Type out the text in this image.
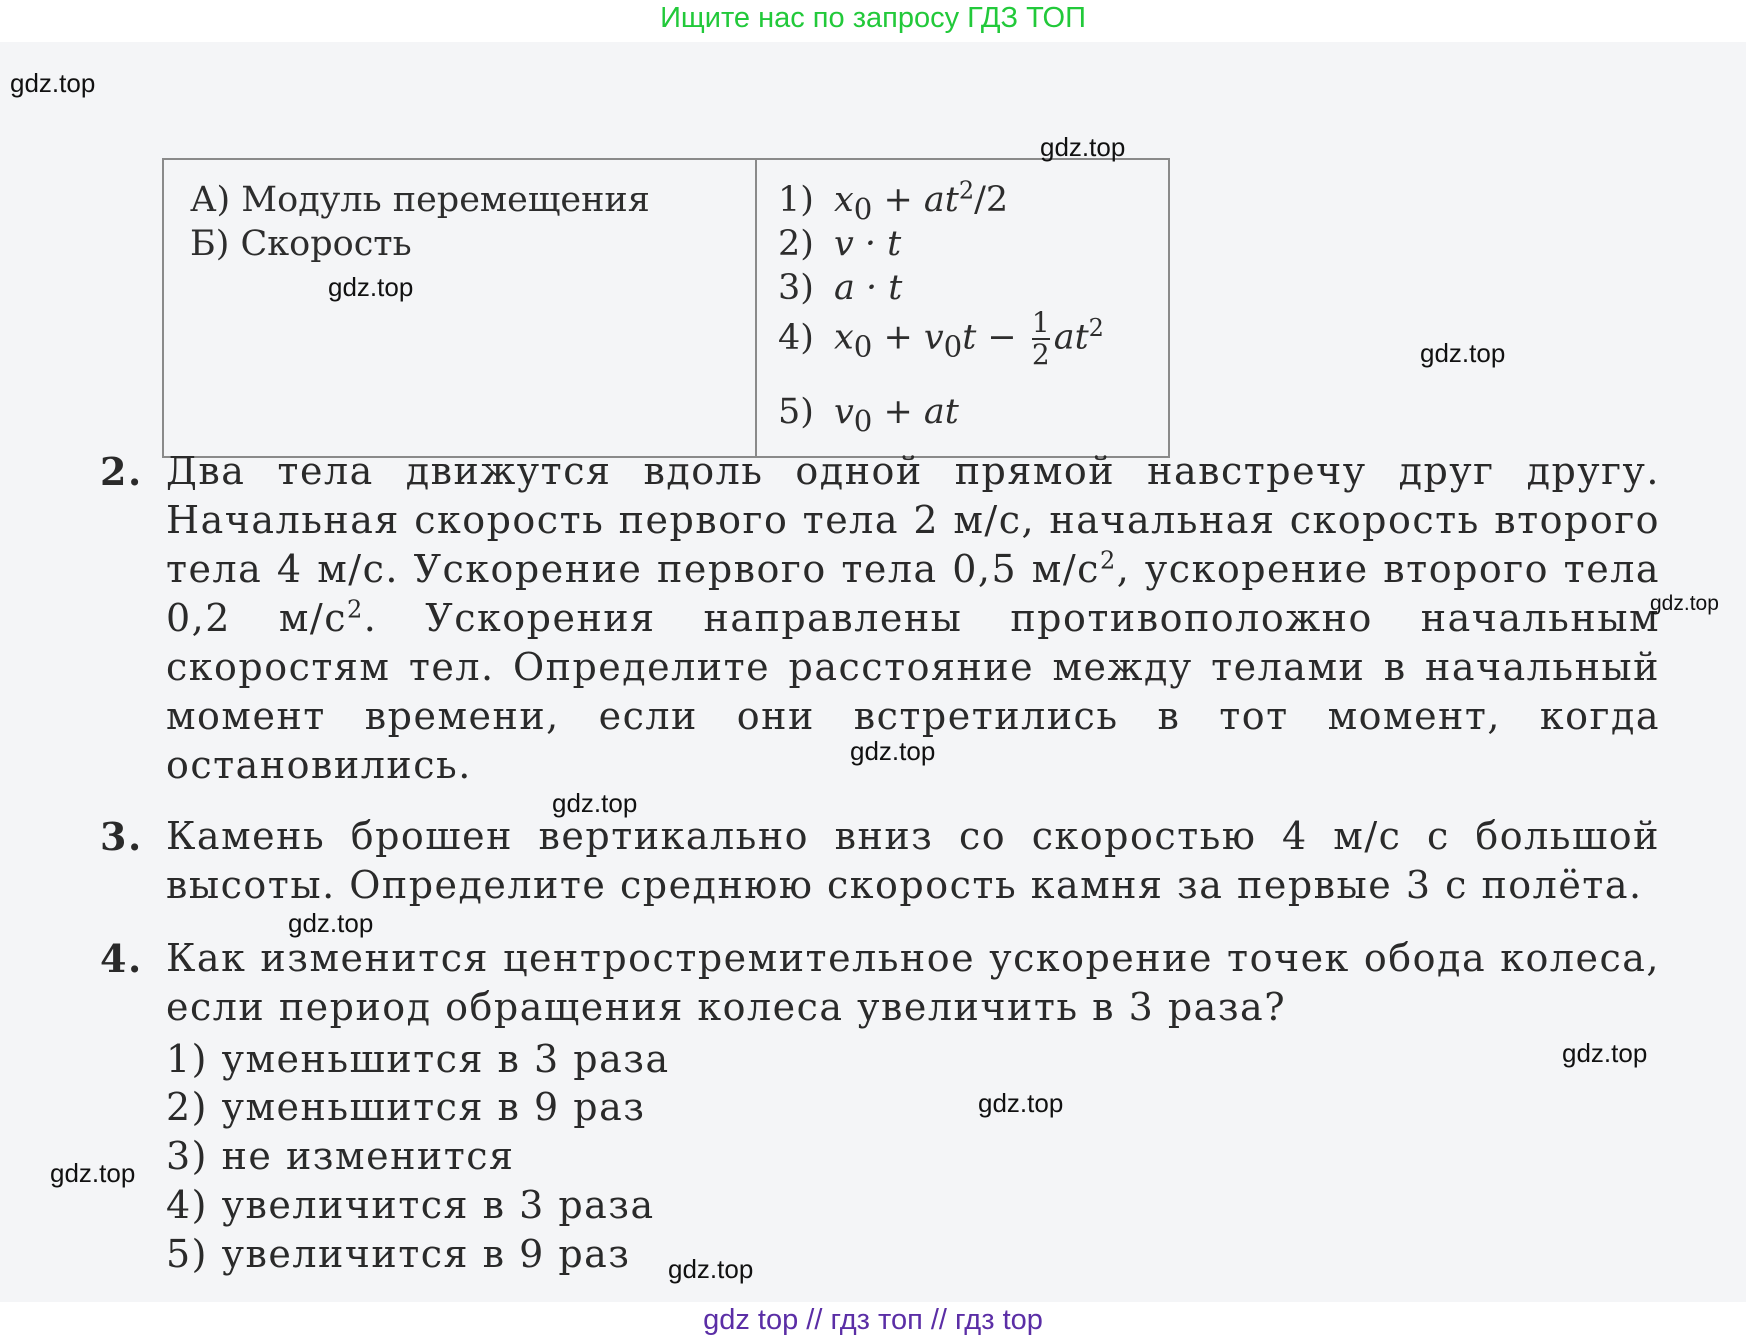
Ищите нас по запросу ГДЗ ТОП
А) Модуль перемещения
Б) Скорость
1) $x_0 + at^2/2$
2) v · t
3) a · t
4) $x_0 + v_0t - \frac{1}{2} at^2$
5) $v_0$ + at
2. Два тела движутся вдоль одной прямой навстречу друг другу. Начальная скорость первого тела 2 м/с, начальная скорость второго тела 4 м/с. Ускорение первого тела 0,5 $м/с^2$, ускорение второго тела 0,2 $м/с^2$. Ускорения направлены противоположно начальным скоростям тел. Определите расстояние между телами в начальный момент времени, если они встретились в тот момент, когда остановились.
3. Камень брошен вертикально вниз со скоростью 4 м/с с большой высоты. Определите среднюю скорость камня за первые 3 с полёта.
4. Как изменится центростремительное ускорение точек обода колеса, если период обращения колеса увеличить в 3 раза?
1) уменьшится в 3 раза
2) уменьшится в 9 раз
3) не изменится
4) увеличится в 3 раза
5) увеличится в 9 раз
gdz.top
gdz.top
gdz.top
gdz.top
gdz.top
gdz.top
gdz.top
gdz.top
gdz.top
gdz.top
gdz.top
gdz.top
gdz top // гдз топ // гдз top
